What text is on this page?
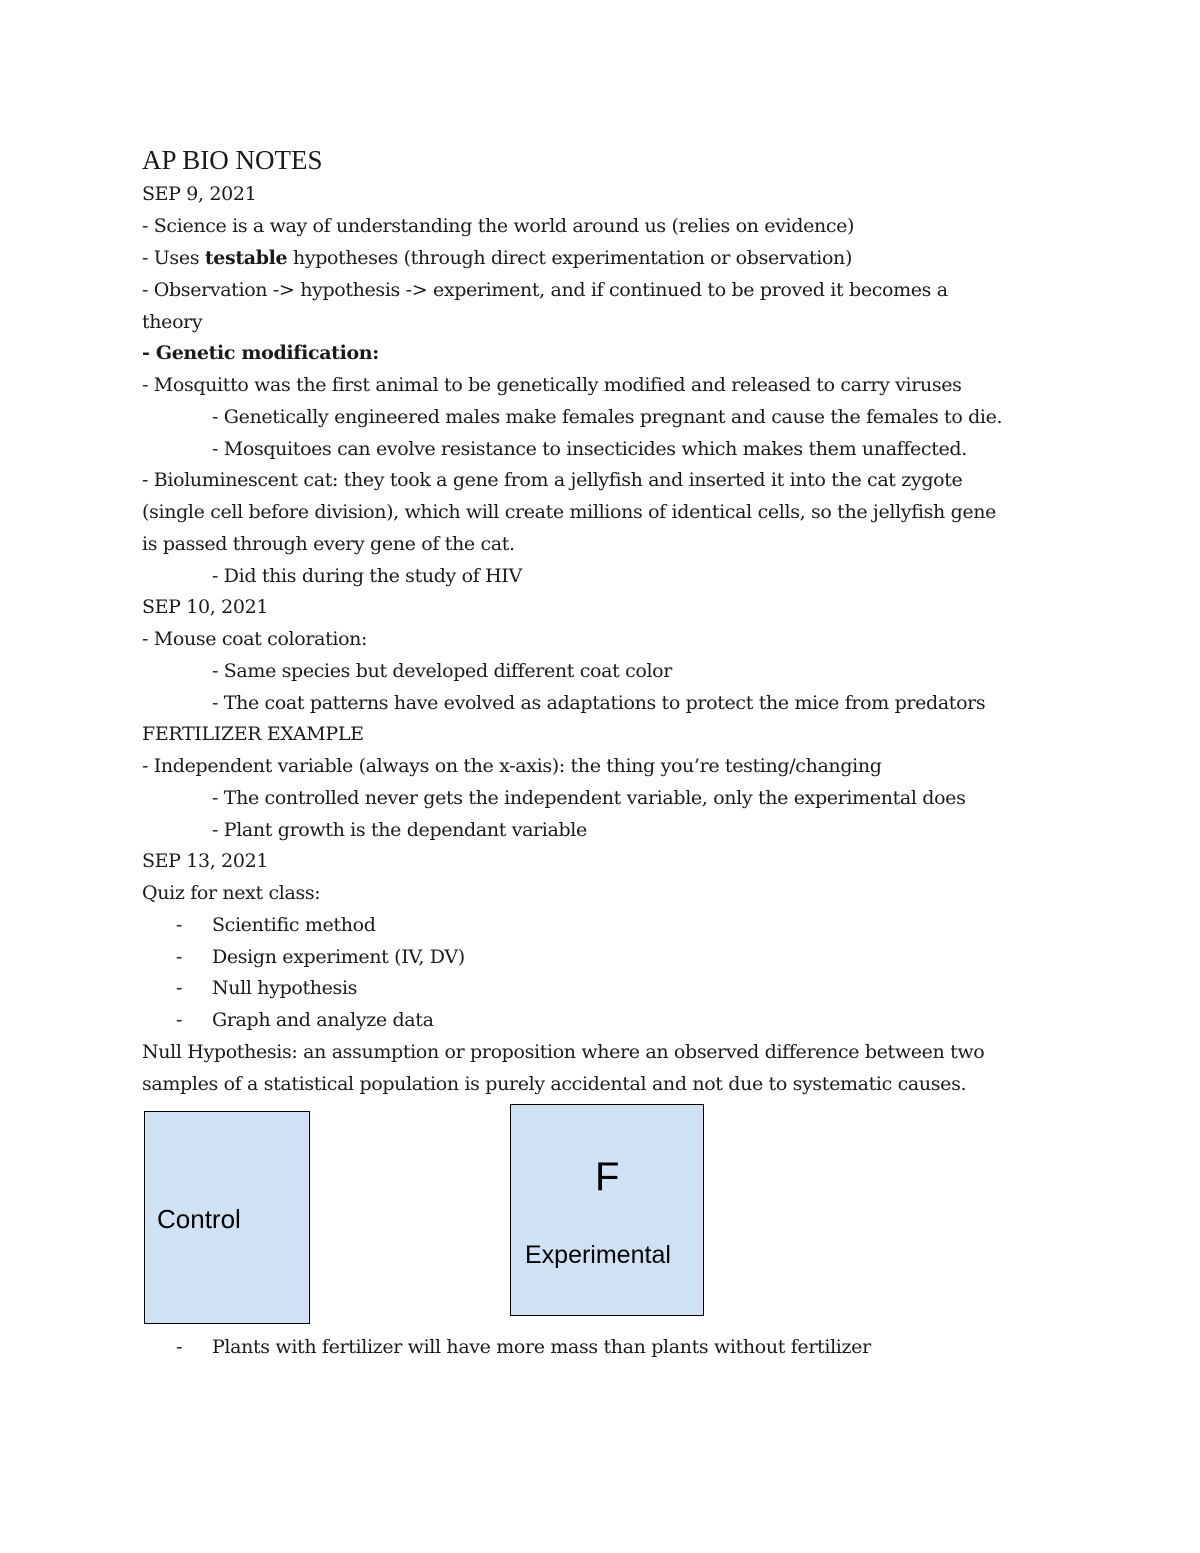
AP BIO NOTES
SEP 9, 2021
- Science is a way of understanding the world around us (relies on evidence)
- Uses testable hypotheses (through direct experimentation or observation)
- Observation -> hypothesis -> experiment, and if continued to be proved it becomes a
theory
- Genetic modification:
- Mosquitto was the first animal to be genetically modified and released to carry viruses
- Genetically engineered males make females pregnant and cause the females to die.
- Mosquitoes can evolve resistance to insecticides which makes them unaffected.
- Bioluminescent cat: they took a gene from a jellyfish and inserted it into the cat zygote
(single cell before division), which will create millions of identical cells, so the jellyfish gene
is passed through every gene of the cat.
- Did this during the study of HIV
SEP 10, 2021
- Mouse coat coloration:
- Same species but developed different coat color
- The coat patterns have evolved as adaptations to protect the mice from predators
FERTILIZER EXAMPLE
- Independent variable (always on the x-axis): the thing you’re testing/changing
- The controlled never gets the independent variable, only the experimental does
- Plant growth is the dependant variable
SEP 13, 2021
Quiz for next class:
- Scientific method
- Design experiment (IV, DV)
- Null hypothesis
- Graph and analyze data
Null Hypothesis: an assumption or proposition where an observed difference between two
samples of a statistical population is purely accidental and not due to systematic causes.
Control
F
Experimental
- Plants with fertilizer will have more mass than plants without fertilizer
